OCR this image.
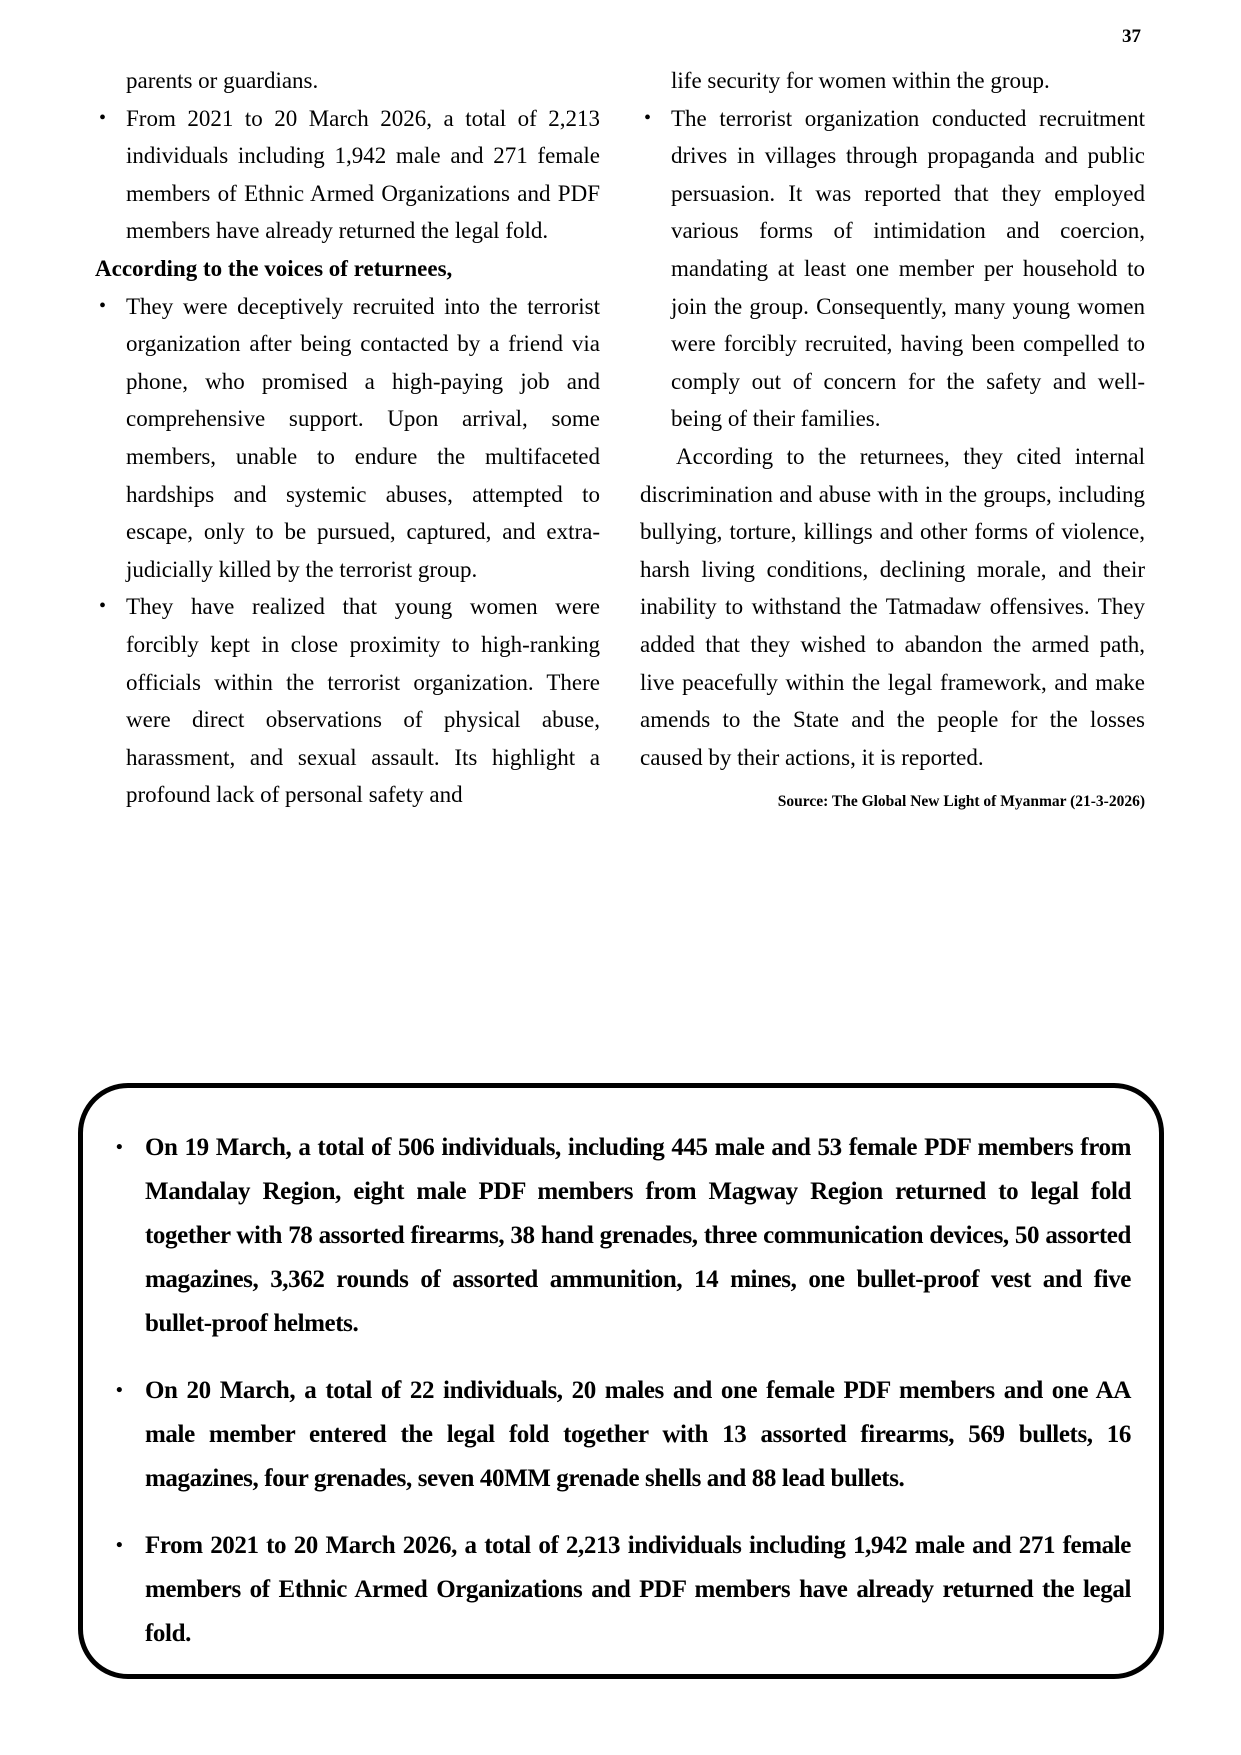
37

parents or guardians.

• From 2021 to 20 March 2026, a total of 2,213 individuals including 1,942 male and 271 female members of Ethnic Armed Organizations and PDF members have already returned the legal fold.

According to the voices of returnees,
• They were deceptively recruited into the terrorist organization after being contacted by a friend via phone, who promised a high-paying job and comprehensive support. Upon arrival, some members, unable to endure the multifaceted hardships and systemic abuses, attempted to escape, only to be pursued, captured, and extra-judicially killed by the terrorist group.

• They have realized that young women were forcibly kept in close proximity to high-ranking officials within the terrorist organization. There were direct observations of physical abuse, harassment, and sexual assault. Its highlight a profound lack of personal safety and

life security for women within the group.

• The terrorist organization conducted recruitment drives in villages through propaganda and public persuasion. It was reported that they employed various forms of intimidation and coercion, mandating at least one member per household to join the group. Consequently, many young women were forcibly recruited, having been compelled to comply out of concern for the safety and well-being of their families.

According to the returnees, they cited internal discrimination and abuse with in the groups, including bullying, torture, killings and other forms of violence, harsh living conditions, declining morale, and their inability to withstand the Tatmadaw offensives. They added that they wished to abandon the armed path, live peacefully within the legal framework, and make amends to the State and the people for the losses caused by their actions, it is reported.

Source: The Global New Light of Myanmar (21-3-2026)

• On 19 March, a total of 506 individuals, including 445 male and 53 female PDF members from Mandalay Region, eight male PDF members from Magway Region returned to legal fold together with 78 assorted firearms, 38 hand grenades, three communication devices, 50 assorted magazines, 3,362 rounds of assorted ammunition, 14 mines, one bullet-proof vest and five bullet-proof helmets.

• On 20 March, a total of 22 individuals, 20 males and one female PDF members and one AA male member entered the legal fold together with 13 assorted firearms, 569 bullets, 16 magazines, four grenades, seven 40MM grenade shells and 88 lead bullets.

• From 2021 to 20 March 2026, a total of 2,213 individuals including 1,942 male and 271 female members of Ethnic Armed Organizations and PDF members have already returned the legal fold.
